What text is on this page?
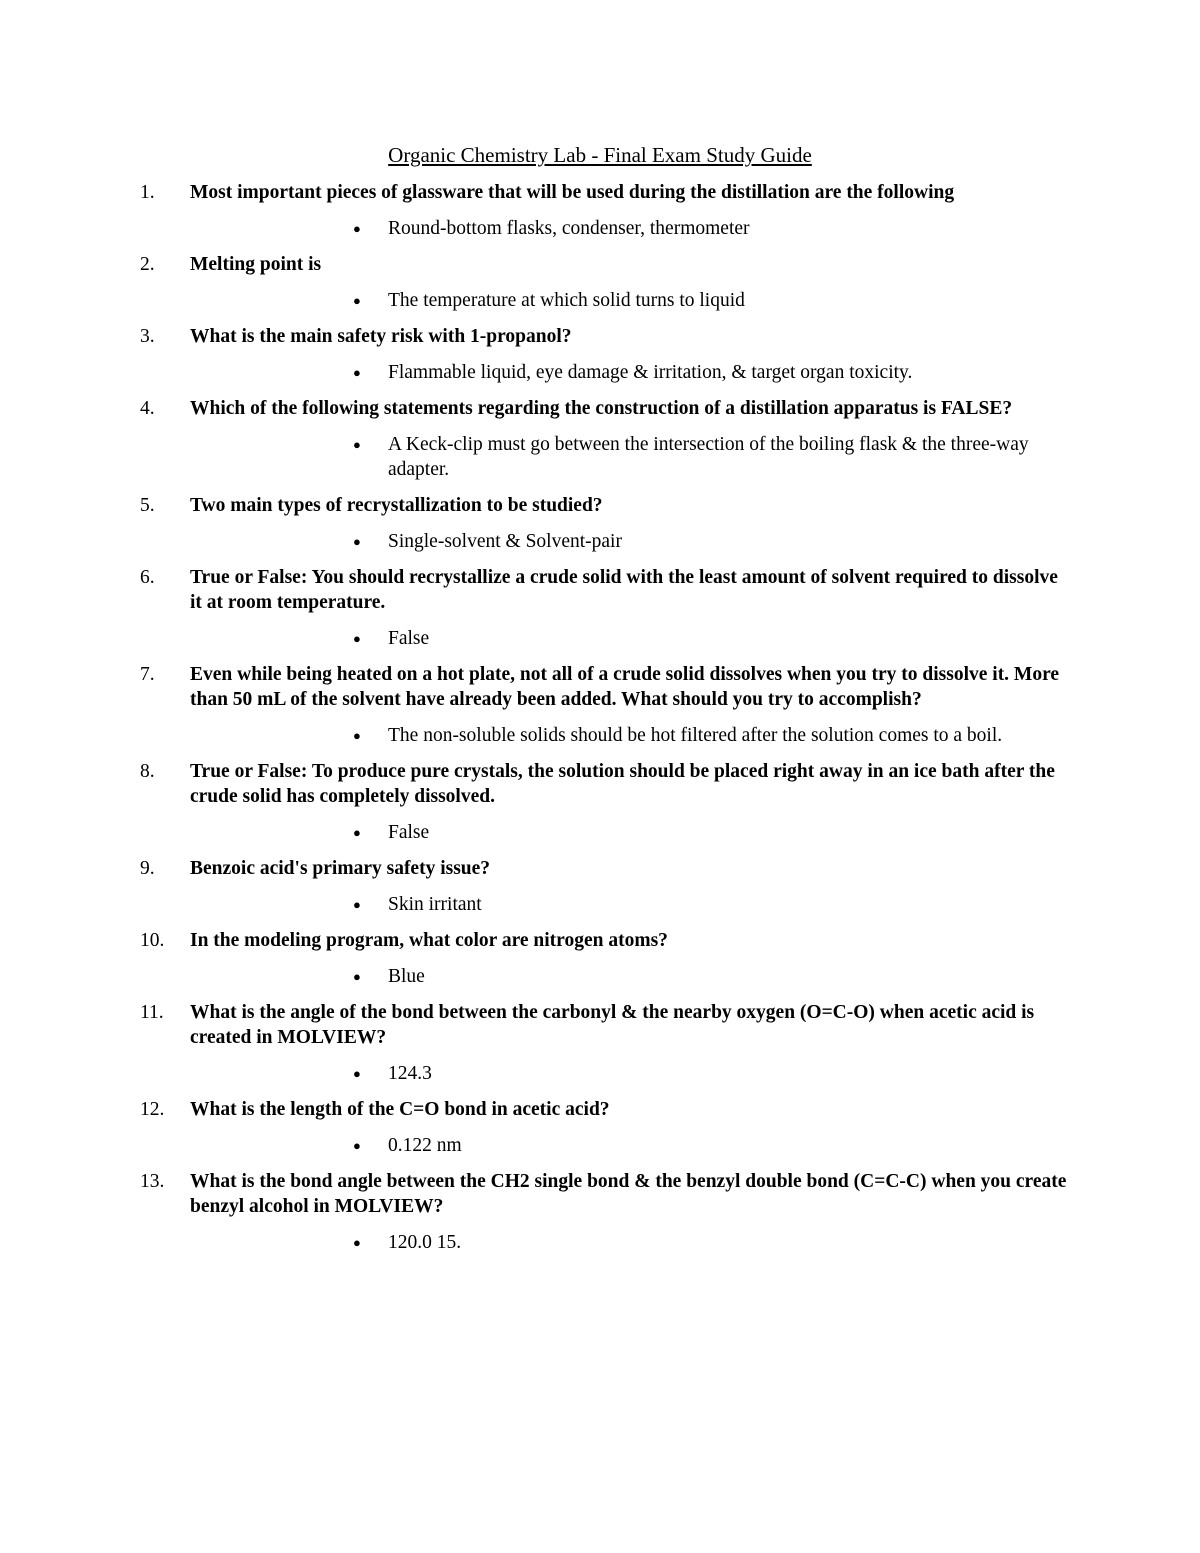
Organic Chemistry Lab - Final Exam Study Guide
1.	Most important pieces of glassware that will be used during the distillation are the following
● Round-bottom flasks, condenser, thermometer
2.	Melting point is
● The temperature at which solid turns to liquid
3.	What is the main safety risk with 1-propanol?
● Flammable liquid, eye damage & irritation, & target organ toxicity.
4.	Which of the following statements regarding the construction of a distillation apparatus is FALSE?
● A Keck-clip must go between the intersection of the boiling flask & the three-way adapter.
5.	Two main types of recrystallization to be studied?
● Single-solvent & Solvent-pair
6.	True or False: You should recrystallize a crude solid with the least amount of solvent required to dissolve it at room temperature.
● False
7.	Even while being heated on a hot plate, not all of a crude solid dissolves when you try to dissolve it. More than 50 mL of the solvent have already been added. What should you try to accomplish?
● The non-soluble solids should be hot filtered after the solution comes to a boil.
8.	True or False: To produce pure crystals, the solution should be placed right away in an ice bath after the crude solid has completely dissolved.
● False
9.	Benzoic acid's primary safety issue?
● Skin irritant
10.	In the modeling program, what color are nitrogen atoms?
● Blue
11.	What is the angle of the bond between the carbonyl & the nearby oxygen (O=C-O) when acetic acid is created in MOLVIEW?
● 124.3
12.	What is the length of the C=O bond in acetic acid?
● 0.122 nm
13.	What is the bond angle between the CH2 single bond & the benzyl double bond (C=C-C) when you create benzyl alcohol in MOLVIEW?
● 120.0 15.
